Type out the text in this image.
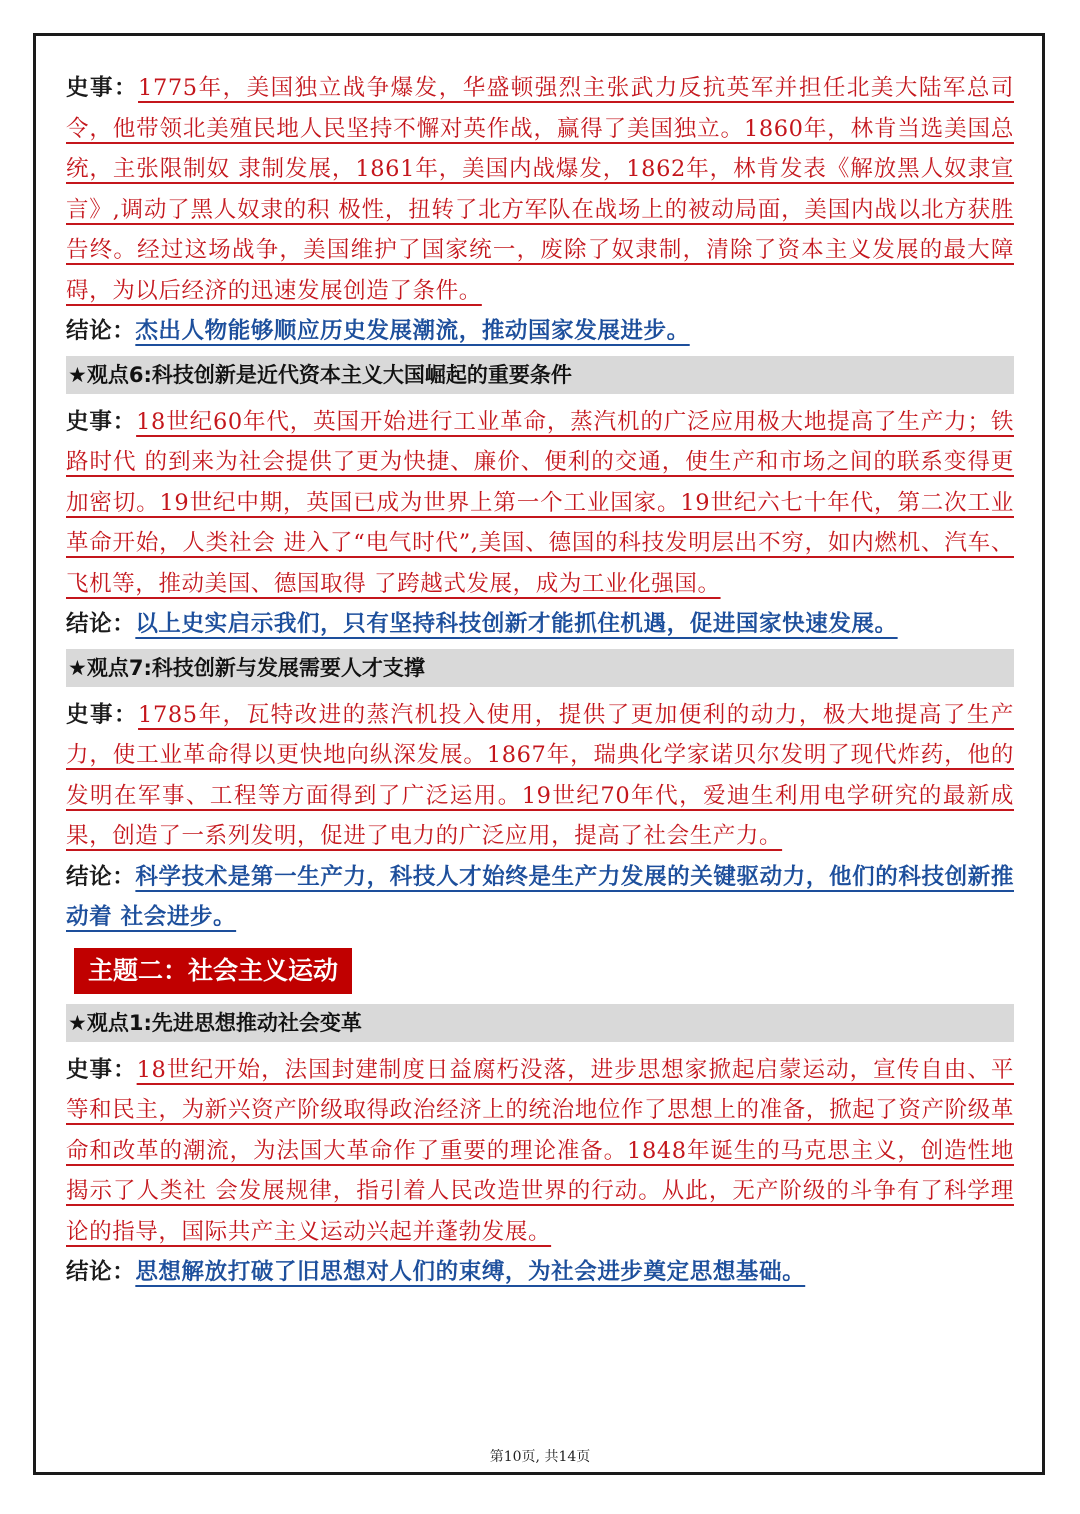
史事：1775年，美国独立战争爆发，华盛顿强烈主张武力反抗英军并担任北美大陆军总司令，他带领北美殖民地人民坚持不懈对英作战，赢得了美国独立。1860年，林肯当选美国总统，主张限制奴 隶制发展，1861年，美国内战爆发，1862年，林肯发表《解放黑人奴隶宣言》,调动了黑人奴隶的积 极性，扭转了北方军队在战场上的被动局面，美国内战以北方获胜告终。经过这场战争，美国维护了国家统一，废除了奴隶制，清除了资本主义发展的最大障碍，为以后经济的迅速发展创造了条件。

结论：杰出人物能够顺应历史发展潮流，推动国家发展进步。

★观点6:科技创新是近代资本主义大国崛起的重要条件

史事：18世纪60年代，英国开始进行工业革命，蒸汽机的广泛应用极大地提高了生产力；铁路时代 的到来为社会提供了更为快捷、廉价、便利的交通，使生产和市场之间的联系变得更加密切。19世纪中期，英国已成为世界上第一个工业国家。19世纪六七十年代，第二次工业革命开始，人类社会 进入了“电气时代”,美国、德国的科技发明层出不穷，如内燃机、汽车、飞机等，推动美国、德国取得 了跨越式发展，成为工业化强国。

结论：以上史实启示我们，只有坚持科技创新才能抓住机遇，促进国家快速发展。

★观点7:科技创新与发展需要人才支撑

史事：1785年，瓦特改进的蒸汽机投入使用，提供了更加便利的动力，极大地提高了生产力，使工业革命得以更快地向纵深发展。1867年，瑞典化学家诺贝尔发明了现代炸药，他的发明在军事、工程等方面得到了广泛运用。19世纪70年代，爱迪生利用电学研究的最新成果，创造了一系列发明，促进了电力的广泛应用，提高了社会生产力。

结论：科学技术是第一生产力，科技人才始终是生产力发展的关键驱动力，他们的科技创新推动着 社会进步。

主题二：社会主义运动
★观点1:先进思想推动社会变革

史事：18世纪开始，法国封建制度日益腐朽没落，进步思想家掀起启蒙运动，宣传自由、平等和民主，为新兴资产阶级取得政治经济上的统治地位作了思想上的准备，掀起了资产阶级革命和改革的潮流，为法国大革命作了重要的理论准备。1848年诞生的马克思主义，创造性地揭示了人类社 会发展规律，指引着人民改造世界的行动。从此，无产阶级的斗争有了科学理论的指导，国际共产主义运动兴起并蓬勃发展。

结论：思想解放打破了旧思想对人们的束缚，为社会进步奠定思想基础。

第10页, 共14页
